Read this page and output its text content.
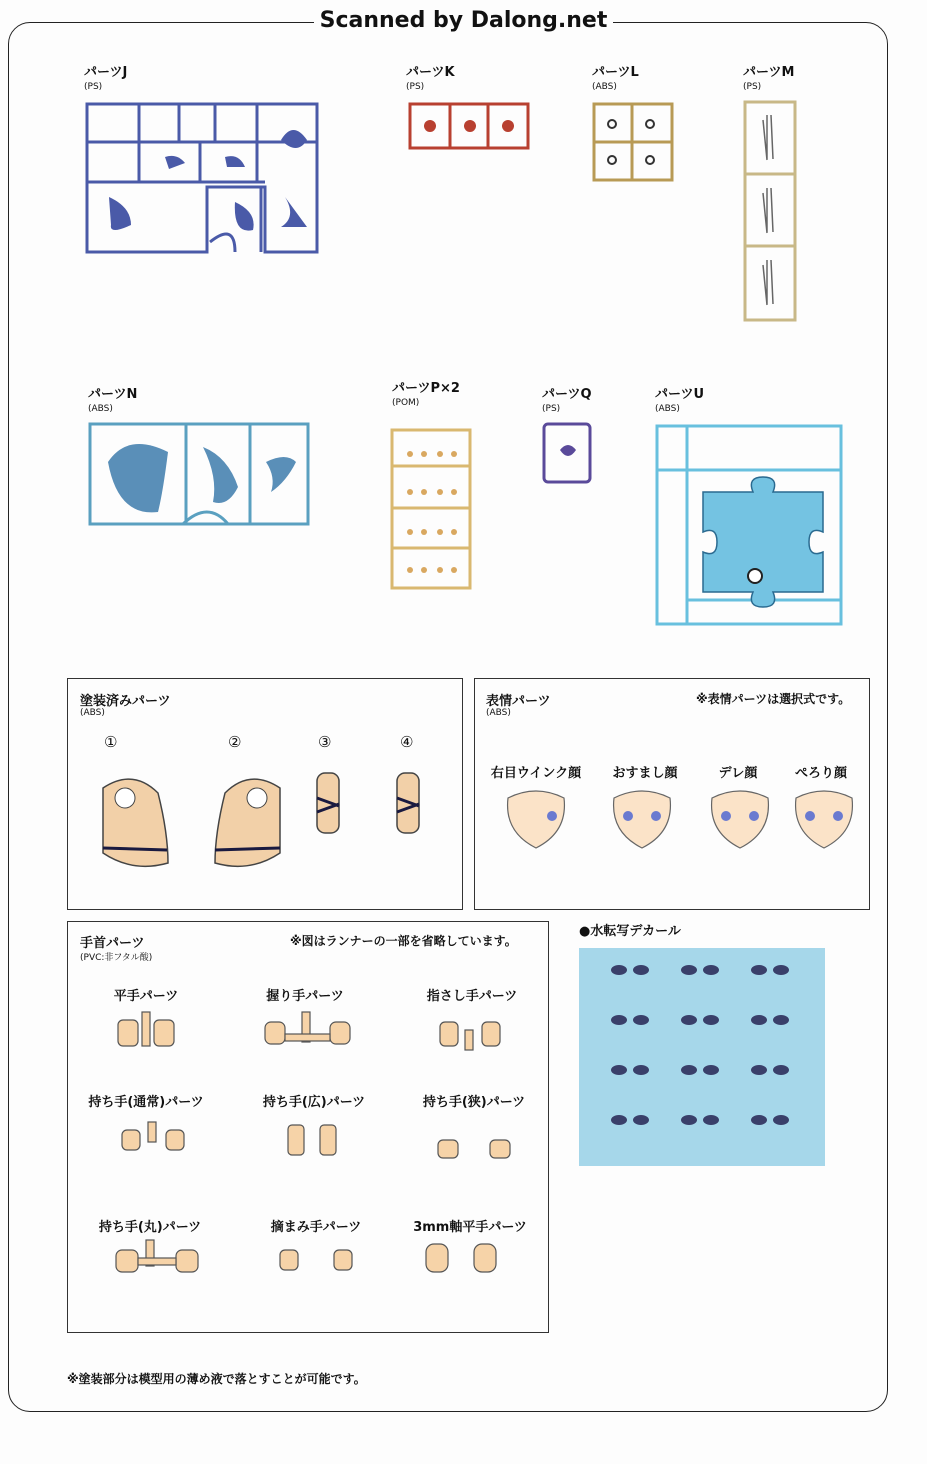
Scanned by Dalong.net
パーツJ
(PS)
パーツK
(PS)
パーツL
(ABS)
パーツM
(PS)
パーツN
(ABS)
パーツP×2
(POM)
パーツQ
(PS)
パーツU
(ABS)
塗装済みパーツ
(ABS)
①	②	③	④
表情パーツ
(ABS)
※表情パーツは選択式です。
右目ウインク顔	おすまし顔	デレ顔	ぺろり顔
手首パーツ
(PVC:非フタル酸)
※図はランナーの一部を省略しています。
平手パーツ	握り手パーツ	指さし手パーツ
持ち手(通常)パーツ	持ち手(広)パーツ	持ち手(狭)パーツ
持ち手(丸)パーツ	摘まみ手パーツ	3mm軸平手パーツ
●水転写デカール
※塗装部分は模型用の薄め液で落とすことが可能です。
